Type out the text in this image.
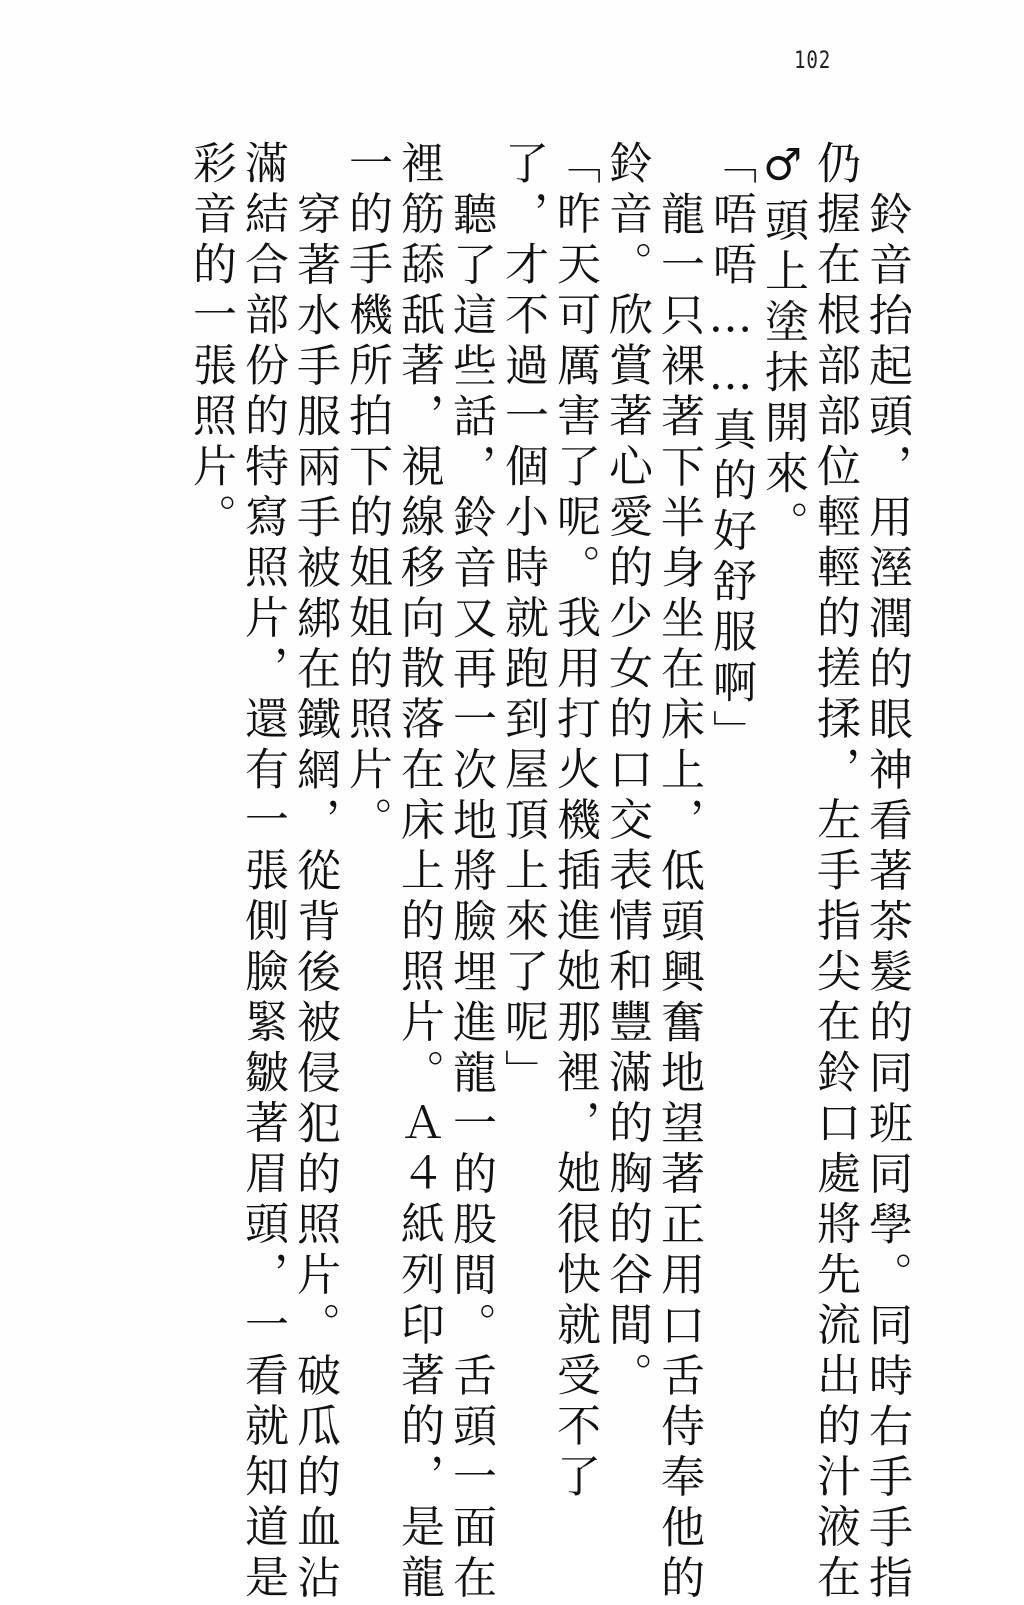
102
鈴音抬起頭，用溼潤的眼神看著茶髮的同班同學。同時右手手指
仍握在根部部位輕輕的搓揉，左手指尖在鈴口處將先流出的汁液在
♂頭上塗抹開來。
「唔唔……真的好舒服啊」
龍一只裸著下半身坐在床上，低頭興奮地望著正用口舌侍奉他的
鈴音。欣賞著心愛的少女的口交表情和豐滿的胸的谷間。
「昨天可厲害了呢。我用打火機插進她那裡，她很快就受不了
了，才不過一個小時就跑到屋頂上來了呢」
聽了這些話，鈴音又再一次地將臉埋進龍一的股間。舌頭一面在
裡筋舔舐著，視線移向散落在床上的照片。Ａ４紙列印著的，是龍
一的手機所拍下的姐姐的照片。
穿著水手服兩手被綁在鐵網，從背後被侵犯的照片。破瓜的血沾
滿結合部份的特寫照片，還有一張側臉緊皺著眉頭，一看就知道是
彩音的一張照片。
